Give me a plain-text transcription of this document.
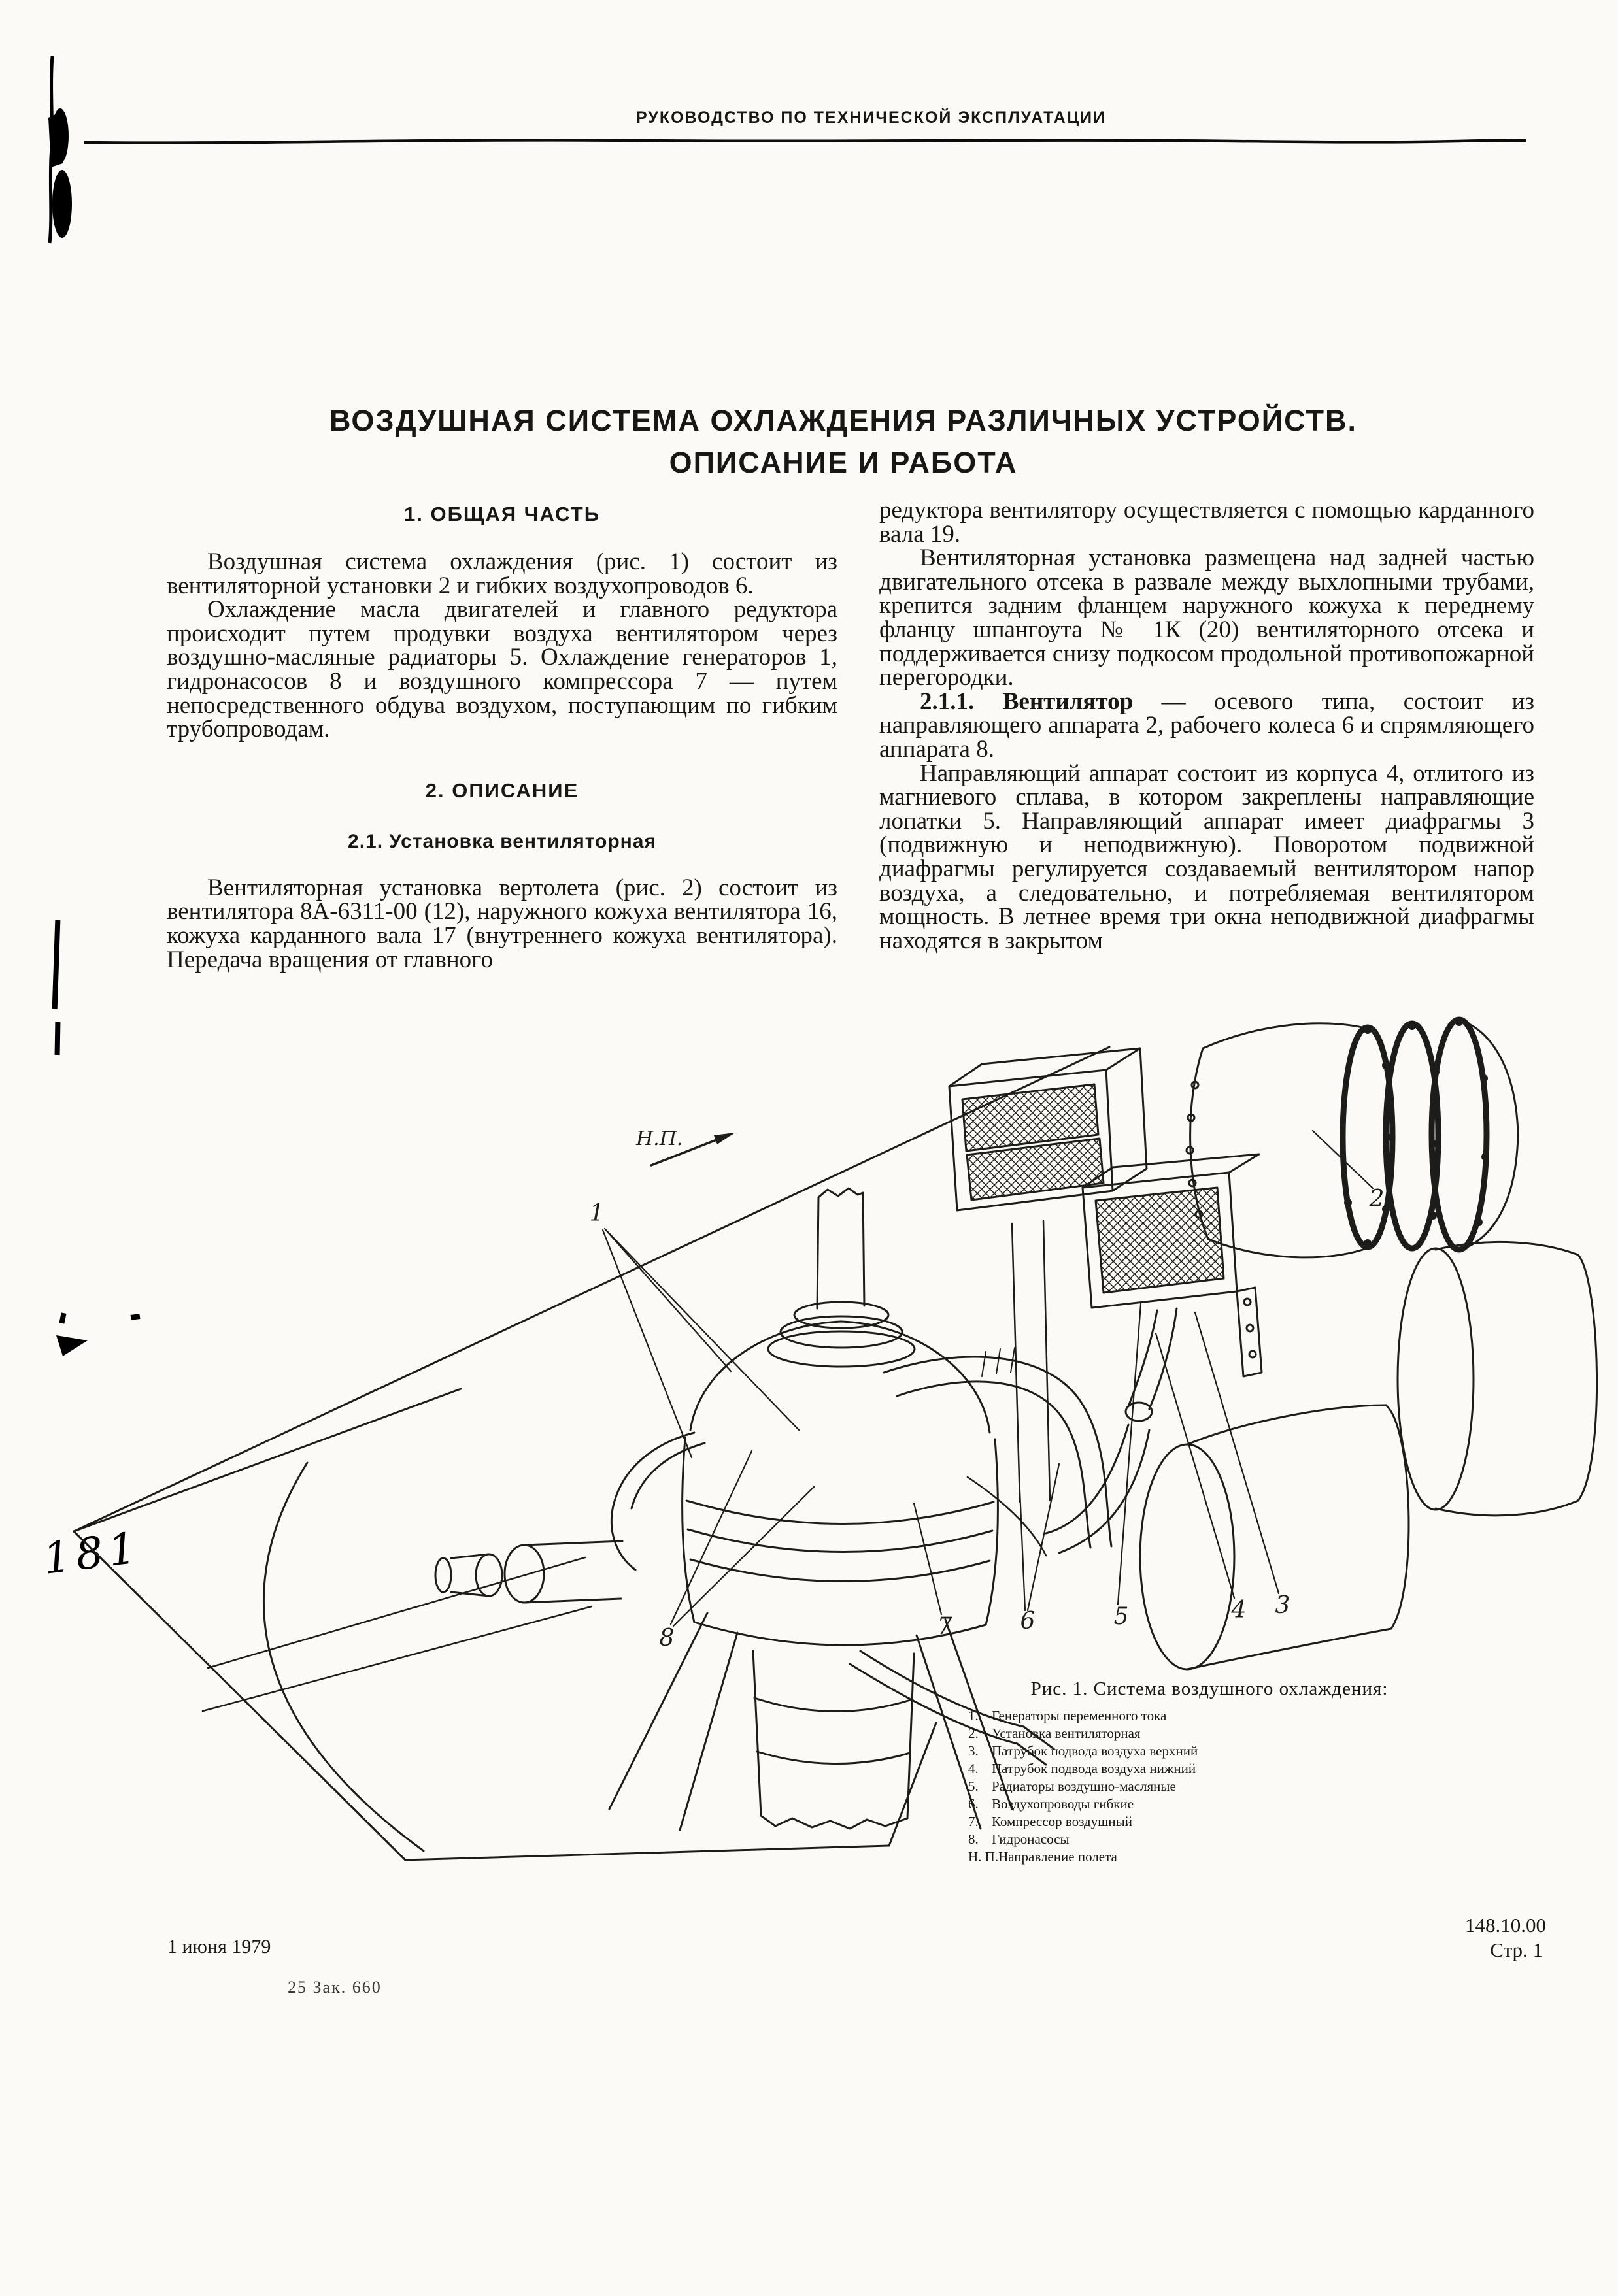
181
РУКОВОДСТВО ПО ТЕХНИЧЕСКОЙ ЭКСПЛУАТАЦИИ
ВОЗДУШНАЯ СИСТЕМА ОХЛАЖДЕНИЯ РАЗЛИЧНЫХ УСТРОЙСТВ.
ОПИСАНИЕ И РАБОТА
1. ОБЩАЯ ЧАСТЬ

Воздушная система охлаждения (рис. 1) состоит из вентиляторной установки 2 и гибких воздухопроводов 6.

Охлаждение масла двигателей и главного редуктора происходит путем продувки воздуха вентилятором через воздушно-масляные радиаторы 5. Охлаждение генераторов 1, гидронасосов 8 и воздушного компрессора 7 — путем непосредственного обдува воздухом, поступающим по гибким трубопроводам.

2. ОПИСАНИЕ
2.1. Установка вентиляторная

Вентиляторная установка вертолета (рис. 2) состоит из вентилятора 8А-6311-00 (12), наружного кожуха вентилятора 16, кожуха карданного вала 17 (внутреннего кожуха вентилятора). Передача вращения от главного

редуктора вентилятору осуществляется с помощью карданного вала 19.

Вентиляторная установка размещена над задней частью двигательного отсека в развале между выхлопными трубами, крепится задним фланцем наружного кожуха к переднему фланцу шпангоута № 1К (20) вентиляторного отсека и поддерживается снизу подкосом продольной противопожарной перегородки.

2.1.1. Вентилятор — осевого типа, состоит из направляющего аппарата 2, рабочего колеса 6 и спрямляющего аппарата 8.

Направляющий аппарат состоит из корпуса 4, отлитого из магниевого сплава, в котором закреплены направляющие лопатки 5. Направляющий аппарат имеет диафрагмы 3 (подвижную и неподвижную). Поворотом подвижной диафрагмы регулируется создаваемый вентилятором напор воздуха, а следовательно, и потребляемая вентилятором мощность. В летнее время три окна неподвижной диафрагмы находятся в закрытом

Н.П.
1
2
3
4
5
6
7
8
Рис. 1. Система воздушного охлаждения:
1. Генераторы переменного тока
2. Установка вентиляторная
3. Патрубок подвода воздуха верхний
4. Патрубок подвода воздуха нижний
5. Радиаторы воздушно-масляные
6. Воздухопроводы гибкие
7. Компрессор воздушный
8. Гидронасосы
Н. П. Направление полета
1 июня 1979
25 Зак. 660
148.10.00
Стр. 1
